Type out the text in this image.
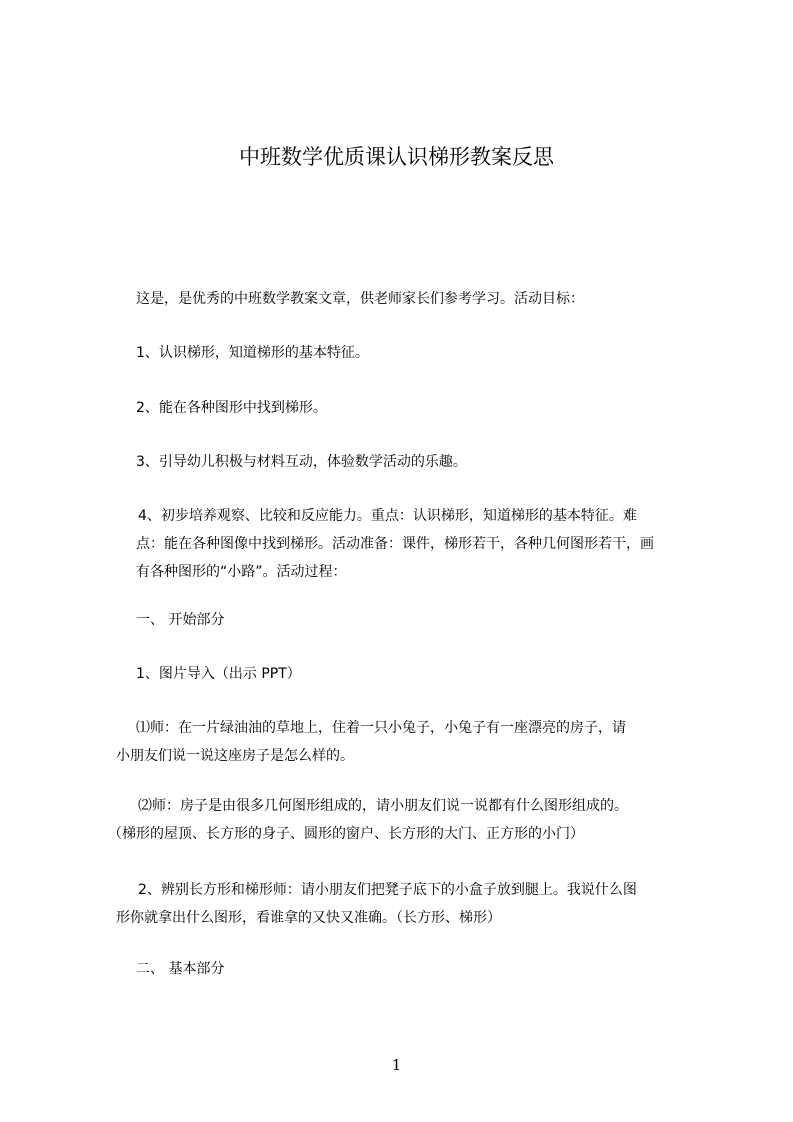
中班数学优质课认识梯形教案反思
这是，是优秀的中班数学教案文章，供老师家长们参考学习。活动目标：
1、认识梯形，知道梯形的基本特征。
2、能在各种图形中找到梯形。
3、引导幼儿积极与材料互动，体验数学活动的乐趣。
4、初步培养观察、比较和反应能力。重点：认识梯形，知道梯形的基本特征。难
点：能在各种图像中找到梯形。活动准备：课件，梯形若干，各种几何图形若干，画
有各种图形的“小路”。活动过程：
一、 开始部分
1、图片导入（出示 PPT）
⑴师：在一片绿油油的草地上，住着一只小兔子，小兔子有一座漂亮的房子，请
小朋友们说一说这座房子是怎么样的。
⑵师：房子是由很多几何图形组成的，请小朋友们说一说都有什么图形组成的。
（梯形的屋顶、长方形的身子、圆形的窗户、长方形的大门、正方形的小门）
2、辨别长方形和梯形师：请小朋友们把凳子底下的小盒子放到腿上。我说什么图
形你就拿出什么图形，看谁拿的又快又准确。（长方形、梯形）
二、 基本部分
1
